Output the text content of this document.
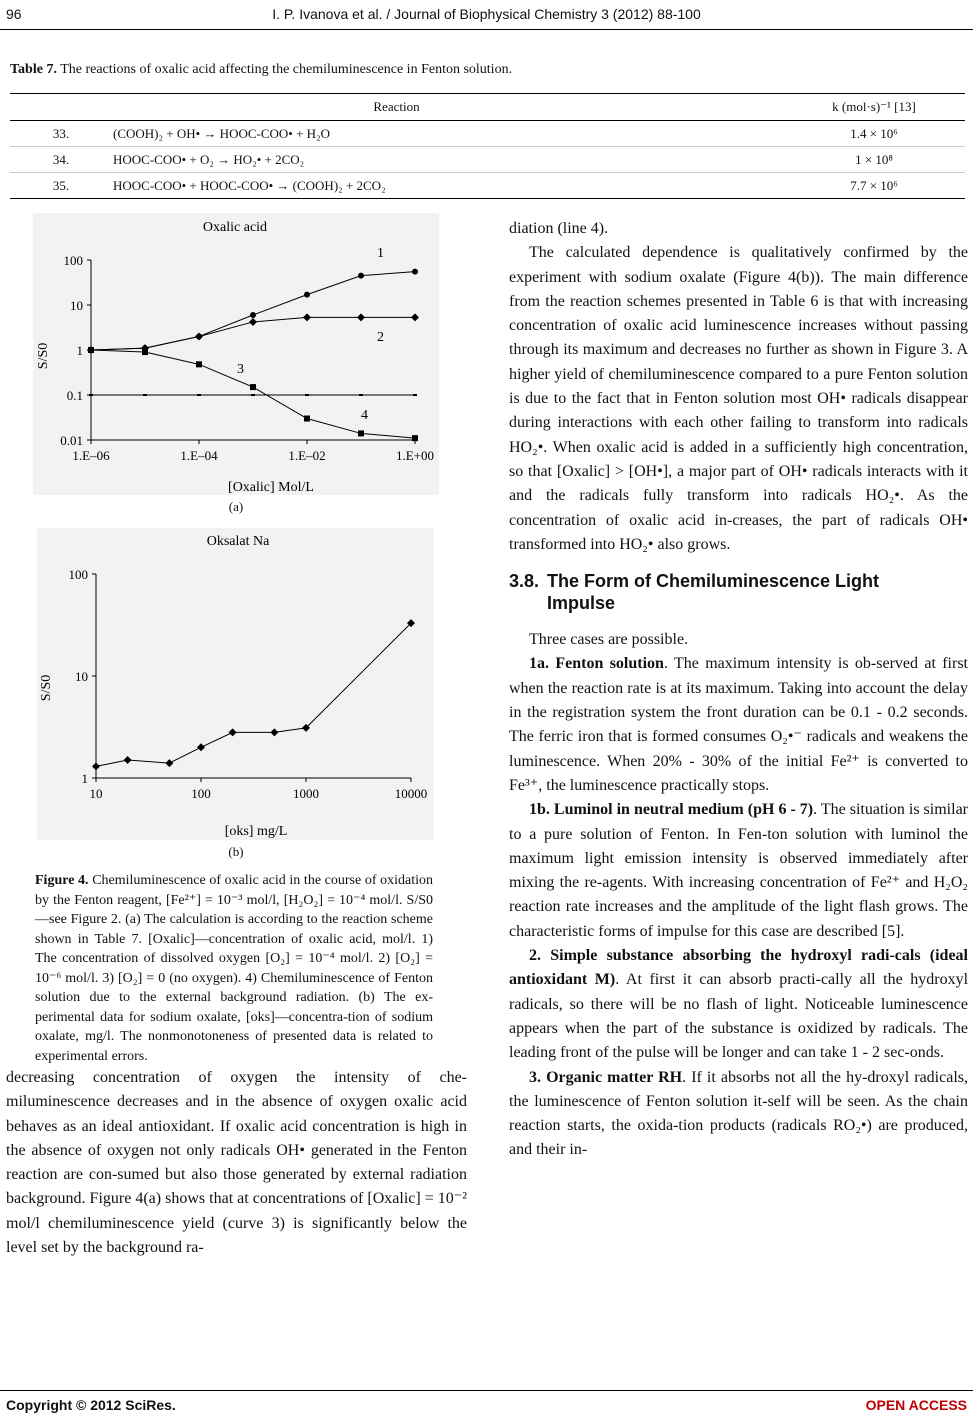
96	I. P. Ivanova et al. / Journal of Biophysical Chemistry 3 (2012) 88-100
Table 7. The reactions of oxalic acid affecting the chemiluminescence in Fenton solution.
Reaction		k (mol·s)⁻¹ [13]
33.	(COOH)₂ + OH• → HOOC-COO• + H₂O	1.4 × 10⁶
34.	HOOC-COO• + O₂ → HO₂• + 2CO₂	1 × 10⁸
35.	HOOC-COO• + HOOC-COO• → (COOH)₂ + 2CO₂	7.7 × 10⁶
Oxalic acid
S/S0
[Oxalic] Mol/L
0.01
0.1
1
10
100
1.E–06	1.E–04	1.E–02	1.E+00
1
2
3
4
(a)
Oksalat Na
S/S0
[oks] mg/L
1
10
100
10	100	1000	10000
(b)
Figure 4. Chemiluminescence of oxalic acid in the course of oxidation by the Fenton reagent, [Fe²⁺] = 10⁻³ mol/l, [H₂O₂] = 10⁻⁴ mol/l. S/S0—see Figure 2. (a) The calculation is according to the reaction scheme shown in Table 7. [Oxalic]—concentration of oxalic acid, mol/l. 1) The concentration of dissolved oxygen [O₂] = 10⁻⁴ mol/l. 2) [O₂] = 10⁻⁶ mol/l. 3) [O₂] = 0 (no oxygen). 4) Chemiluminescence of Fenton solution due to the external background radiation. (b) The ex-perimental data for sodium oxalate, [oks]—concentra-tion of sodium oxalate, mg/l. The nonmonotoneness of presented data is related to experimental errors.

decreasing concentration of oxygen the intensity of che-miluminescence decreases and in the absence of oxygen oxalic acid behaves as an ideal antioxidant. If oxalic acid concentration is high in the absence of oxygen not only radicals OH• generated in the Fenton reaction are con-sumed but also those generated by external radiation background. Figure 4(a) shows that at concentrations of [Oxalic] = 10⁻² mol/l chemiluminescence yield (curve 3) is significantly below the level set by the background ra-

diation (line 4).

The calculated dependence is qualitatively confirmed by the experiment with sodium oxalate (Figure 4(b)). The main difference from the reaction schemes presented in Table 6 is that with increasing concentration of oxalic acid luminescence increases without passing through its maximum and decreases no further as shown in Figure 3. A higher yield of chemiluminescence compared to a pure Fenton solution is due to the fact that in Fenton solution most OH• radicals disappear during interactions with each other failing to transform into radicals HO₂•. When oxalic acid is added in a sufficiently high concentration, so that [Oxalic] > [OH•], a major part of OH• radicals interacts with it and the radicals fully transform into radicals HO₂•. As the concentration of oxalic acid in-creases, the part of radicals OH• transformed into HO₂• also grows.

3.8. The Form of Chemiluminescence Light
Impulse

Three cases are possible.

1a. Fenton solution. The maximum intensity is ob-served at first when the reaction rate is at its maximum. Taking into account the delay in the registration system the front duration can be 0.1 - 0.2 seconds. The ferric iron that is formed consumes O₂•⁻ radicals and weakens the luminescence. When 20% - 30% of the initial Fe²⁺ is converted to Fe³⁺, the luminescence practically stops.

1b. Luminol in neutral medium (pH 6 - 7). The situation is similar to a pure solution of Fenton. In Fen-ton solution with luminol the maximum light emission intensity is observed immediately after mixing the re-agents. With increasing concentration of Fe²⁺ and H₂O₂ reaction rate increases and the amplitude of the light flash grows. The characteristic forms of impulse for this case are described [5].

2. Simple substance absorbing the hydroxyl radi-cals (ideal antioxidant M). At first it can absorb practi-cally all the hydroxyl radicals, so there will be no flash of light. Noticeable luminescence appears when the part of the substance is oxidized by radicals. The leading front of the pulse will be longer and can take 1 - 2 sec-onds.

3. Organic matter RH. If it absorbs not all the hy-droxyl radicals, the luminescence of Fenton solution it-self will be seen. As the chain reaction starts, the oxida-tion products (radicals RO₂•) are produced, and their in-

Copyright © 2012 SciRes.	OPEN ACCESS
